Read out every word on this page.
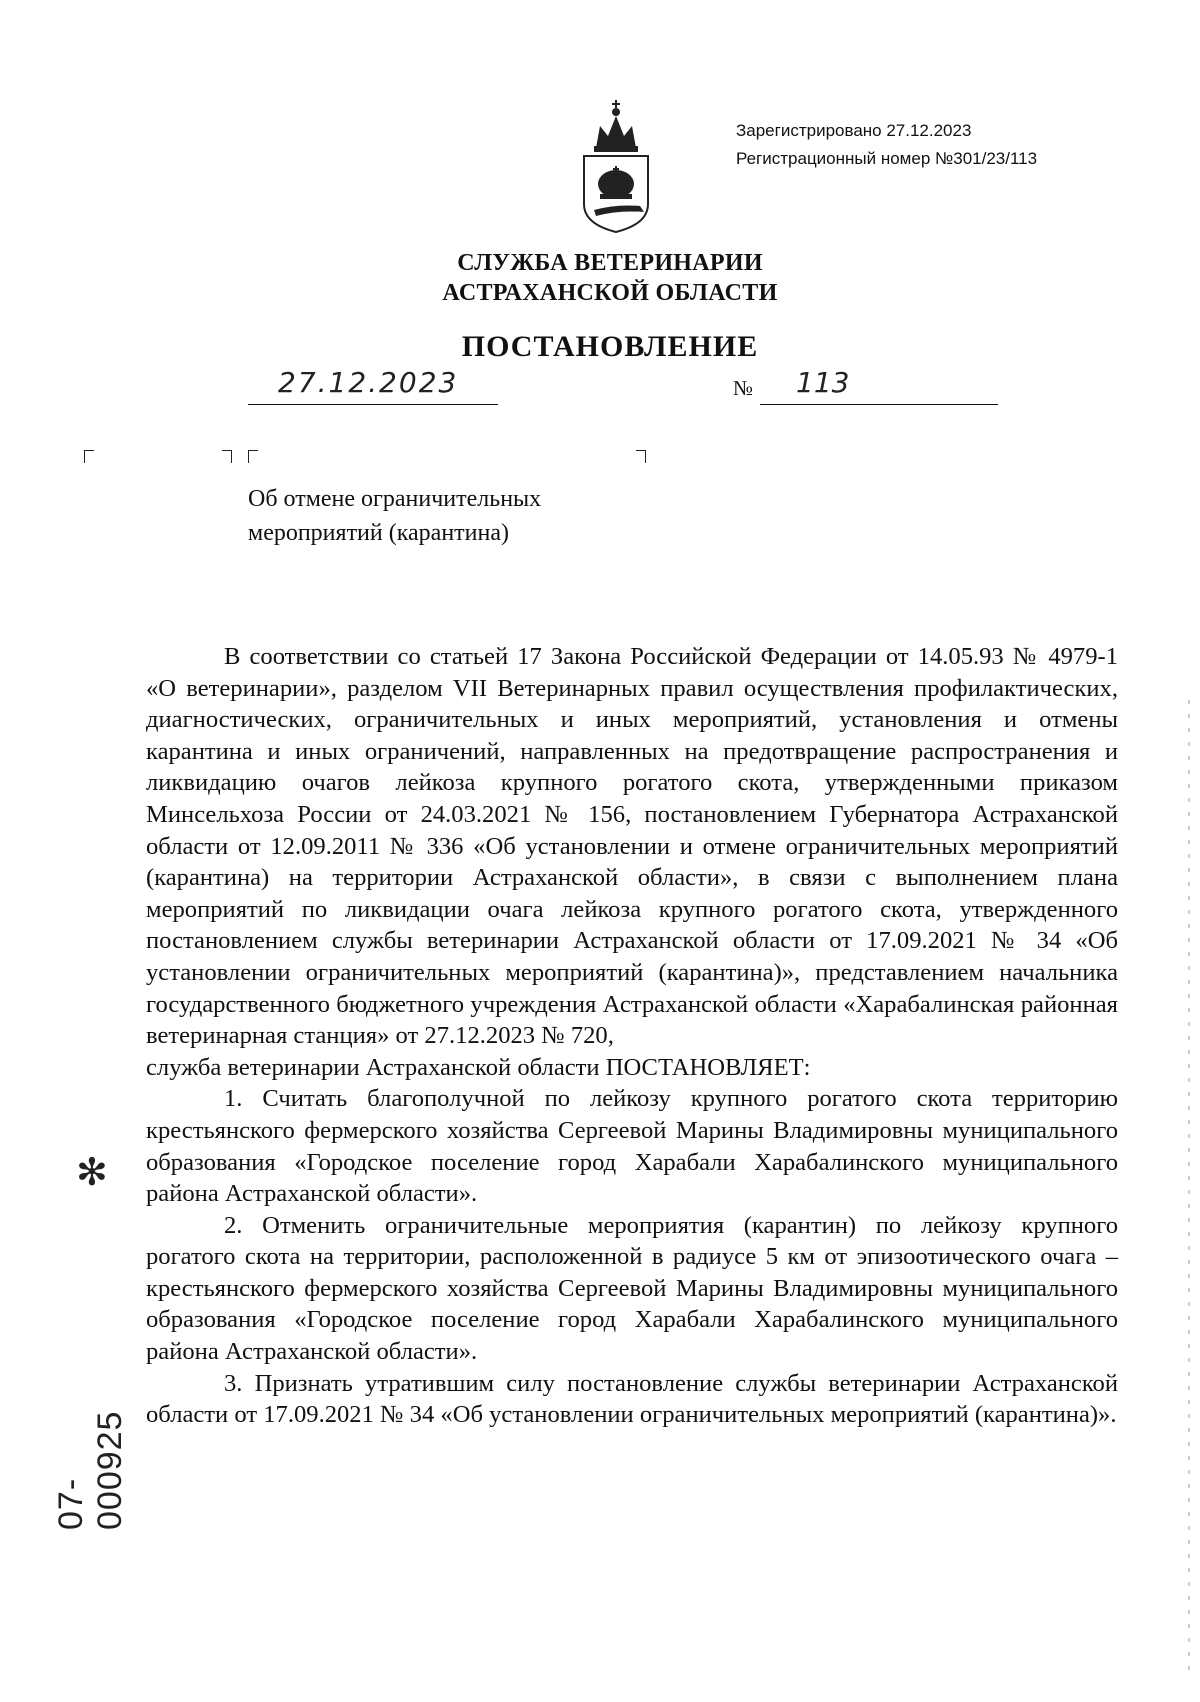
Зарегистрировано 27.12.2023
Регистрационный номер №301/23/113
СЛУЖБА ВЕТЕРИНАРИИ
АСТРАХАНСКОЙ ОБЛАСТИ
ПОСТАНОВЛЕНИЕ
27.12.2023	№ 113
Об отмене ограничительных
мероприятий (карантина)

В соответствии со статьей 17 Закона Российской Федерации от 14.05.93 № 4979-1 «О ветеринарии», разделом VII Ветеринарных правил осуществления профилактических, диагностических, ограничительных и иных мероприятий, установления и отмены карантина и иных ограничений, направленных на предотвращение распространения и ликвидацию очагов лейкоза крупного рогатого скота, утвержденными приказом Минсельхоза России от 24.03.2021 № 156, постановлением Губернатора Астраханской области от 12.09.2011 № 336 «Об установлении и отмене ограничительных мероприятий (карантина) на территории Астраханской области», в связи с выполнением плана мероприятий по ликвидации очага лейкоза крупного рогатого скота, утвержденного постановлением службы ветеринарии Астраханской области от 17.09.2021 № 34 «Об установлении ограничительных мероприятий (карантина)», представлением начальника государственного бюджетного учреждения Астраханской области «Харабалинская районная ветеринарная станция» от 27.12.2023 № 720,

служба ветеринарии Астраханской области ПОСТАНОВЛЯЕТ:

1. Считать благополучной по лейкозу крупного рогатого скота территорию крестьянского фермерского хозяйства Сергеевой Марины Владимировны муниципального образования «Городское поселение город Харабали Харабалинского муниципального района Астраханской области».

2. Отменить ограничительные мероприятия (карантин) по лейкозу крупного рогатого скота на территории, расположенной в радиусе 5 км от эпизоотического очага – крестьянского фермерского хозяйства Сергеевой Марины Владимировны муниципального образования «Городское поселение город Харабали Харабалинского муниципального района Астраханской области».

3. Признать утратившим силу постановление службы ветеринарии Астраханской области от 17.09.2021 № 34 «Об установлении ограничительных мероприятий (карантина)».

✻
07- 000925
